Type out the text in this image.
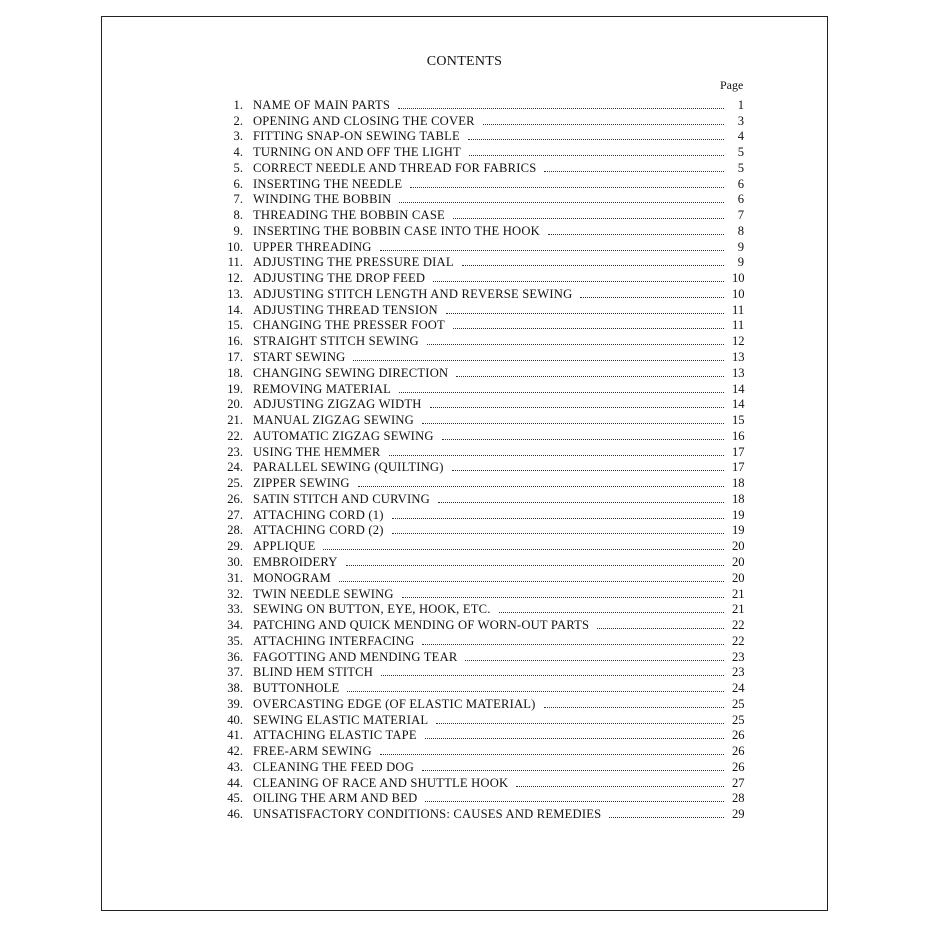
CONTENTS
Page
1. NAME OF MAIN PARTS	1
2. OPENING AND CLOSING THE COVER	3
3. FITTING SNAP-ON SEWING TABLE	4
4. TURNING ON AND OFF THE LIGHT	5
5. CORRECT NEEDLE AND THREAD FOR FABRICS	5
6. INSERTING THE NEEDLE	6
7. WINDING THE BOBBIN	6
8. THREADING THE BOBBIN CASE	7
9. INSERTING THE BOBBIN CASE INTO THE HOOK	8
10. UPPER THREADING	9
11. ADJUSTING THE PRESSURE DIAL	9
12. ADJUSTING THE DROP FEED	10
13. ADJUSTING STITCH LENGTH AND REVERSE SEWING	10
14. ADJUSTING THREAD TENSION	11
15. CHANGING THE PRESSER FOOT	11
16. STRAIGHT STITCH SEWING	12
17. START SEWING	13
18. CHANGING SEWING DIRECTION	13
19. REMOVING MATERIAL	14
20. ADJUSTING ZIGZAG WIDTH	14
21. MANUAL ZIGZAG SEWING	15
22. AUTOMATIC ZIGZAG SEWING	16
23. USING THE HEMMER	17
24. PARALLEL SEWING (QUILTING)	17
25. ZIPPER SEWING	18
26. SATIN STITCH AND CURVING	18
27. ATTACHING CORD (1)	19
28. ATTACHING CORD (2)	19
29. APPLIQUE	20
30. EMBROIDERY	20
31. MONOGRAM	20
32. TWIN NEEDLE SEWING	21
33. SEWING ON BUTTON, EYE, HOOK, ETC.	21
34. PATCHING AND QUICK MENDING OF WORN-OUT PARTS	22
35. ATTACHING INTERFACING	22
36. FAGOTTING AND MENDING TEAR	23
37. BLIND HEM STITCH	23
38. BUTTONHOLE	24
39. OVERCASTING EDGE (OF ELASTIC MATERIAL)	25
40. SEWING ELASTIC MATERIAL	25
41. ATTACHING ELASTIC TAPE	26
42. FREE-ARM SEWING	26
43. CLEANING THE FEED DOG	26
44. CLEANING OF RACE AND SHUTTLE HOOK	27
45. OILING THE ARM AND BED	28
46. UNSATISFACTORY CONDITIONS: CAUSES AND REMEDIES	29
